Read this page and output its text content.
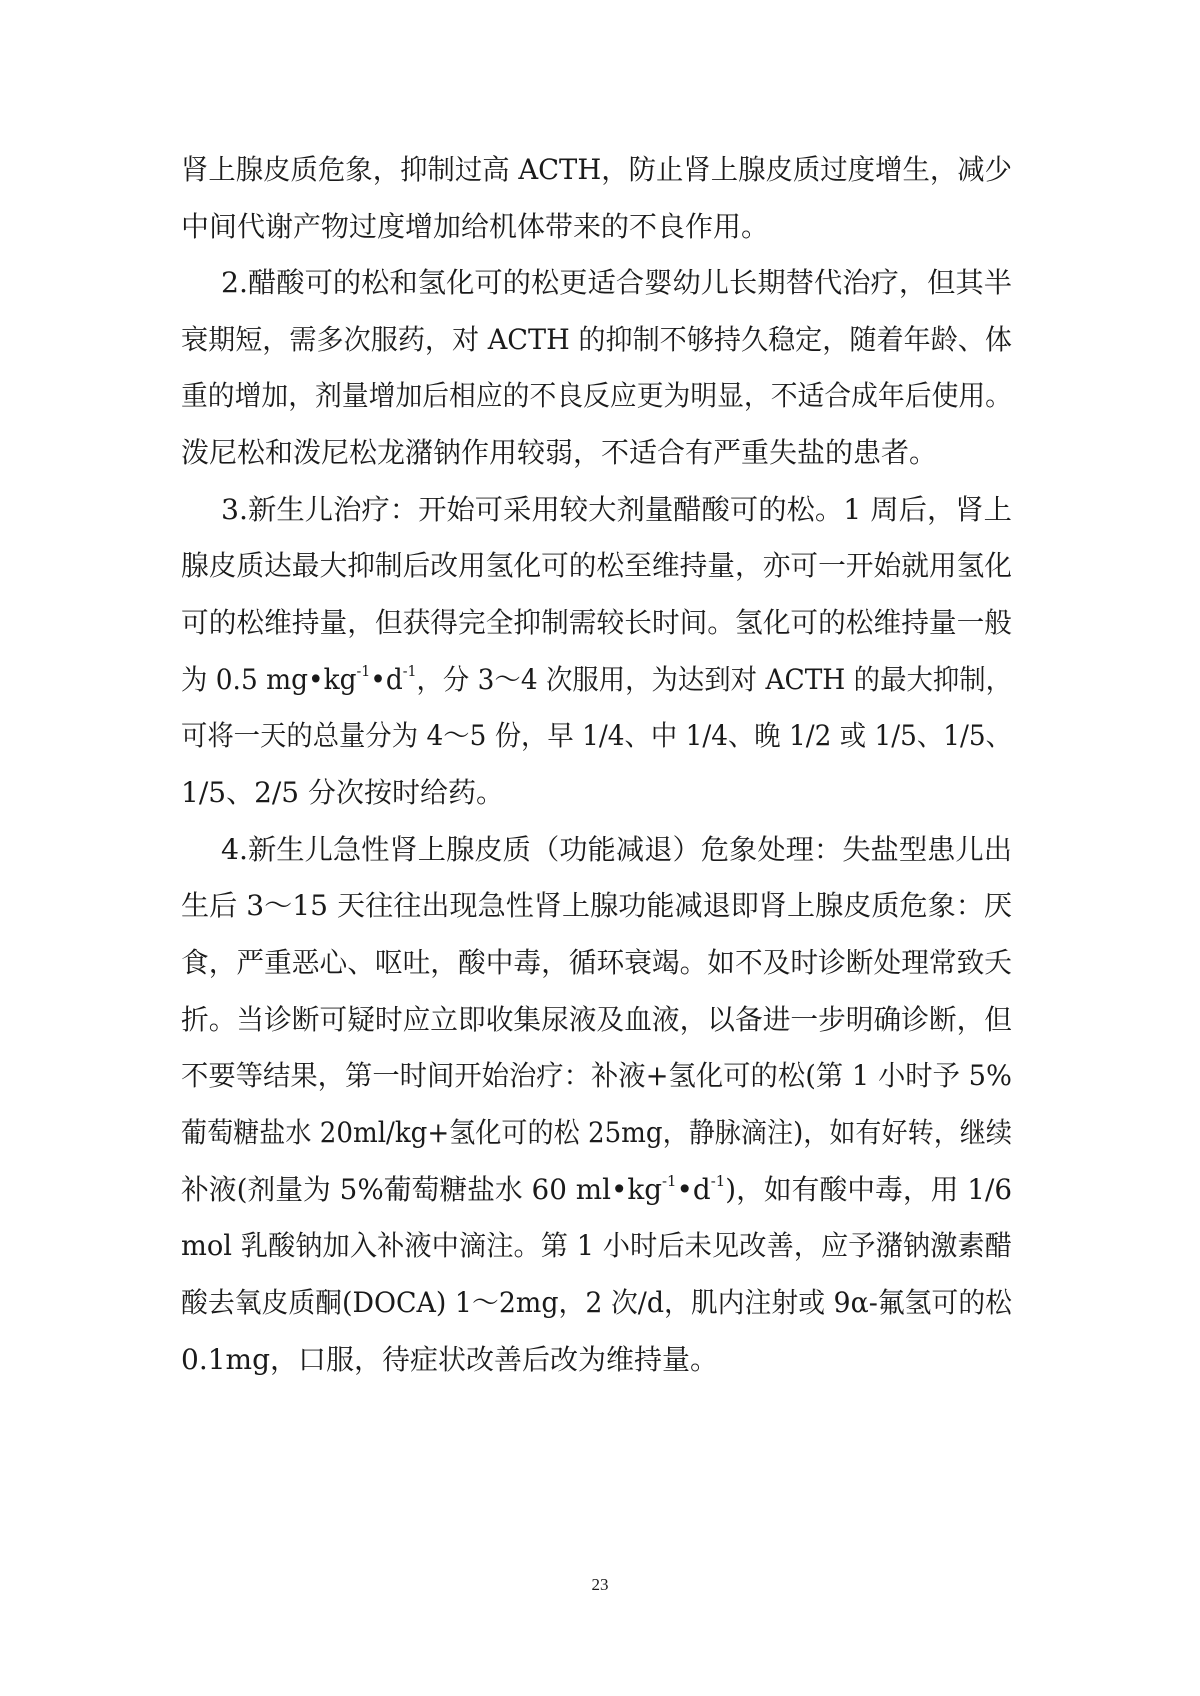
肾上腺皮质危象，抑制过高 ACTH，防止肾上腺皮质过度增生，减少
中间代谢产物过度增加给机体带来的不良作用。
2.醋酸可的松和氢化可的松更适合婴幼儿长期替代治疗，但其半
衰期短，需多次服药，对 ACTH 的抑制不够持久稳定，随着年龄、体
重的增加，剂量增加后相应的不良反应更为明显，不适合成年后使用。
泼尼松和泼尼松龙潴钠作用较弱，不适合有严重失盐的患者。
3.新生儿治疗：开始可采用较大剂量醋酸可的松。1 周后，肾上
腺皮质达最大抑制后改用氢化可的松至维持量，亦可一开始就用氢化
可的松维持量，但获得完全抑制需较长时间。氢化可的松维持量一般
为 0.5 $mg•kg^{-1}•d^{-1}$，分 3～4 次服用，为达到对 ACTH 的最大抑制，
可将一天的总量分为 4～5 份，早 1/4、中 1/4、晚 1/2 或 1/5、1/5、
1/5、2/5 分次按时给药。
4.新生儿急性肾上腺皮质（功能减退）危象处理：失盐型患儿出
生后 3～15 天往往出现急性肾上腺功能减退即肾上腺皮质危象：厌
食，严重恶心、呕吐，酸中毒，循环衰竭。如不及时诊断处理常致夭
折。当诊断可疑时应立即收集尿液及血液，以备进一步明确诊断，但
不要等结果，第一时间开始治疗：补液+氢化可的松(第 1 小时予 5%
葡萄糖盐水 20ml/kg+氢化可的松 25mg，静脉滴注)，如有好转，继续
补液(剂量为 5%葡萄糖盐水 60 $ml•kg^{-1}•d^{-1}$)，如有酸中毒，用 1/6
mol 乳酸钠加入补液中滴注。第 1 小时后未见改善，应予潴钠激素醋
酸去氧皮质酮(DOCA) 1～2mg，2 次/d，肌内注射或 9α-氟氢可的松
0.1mg，口服，待症状改善后改为维持量。
23
